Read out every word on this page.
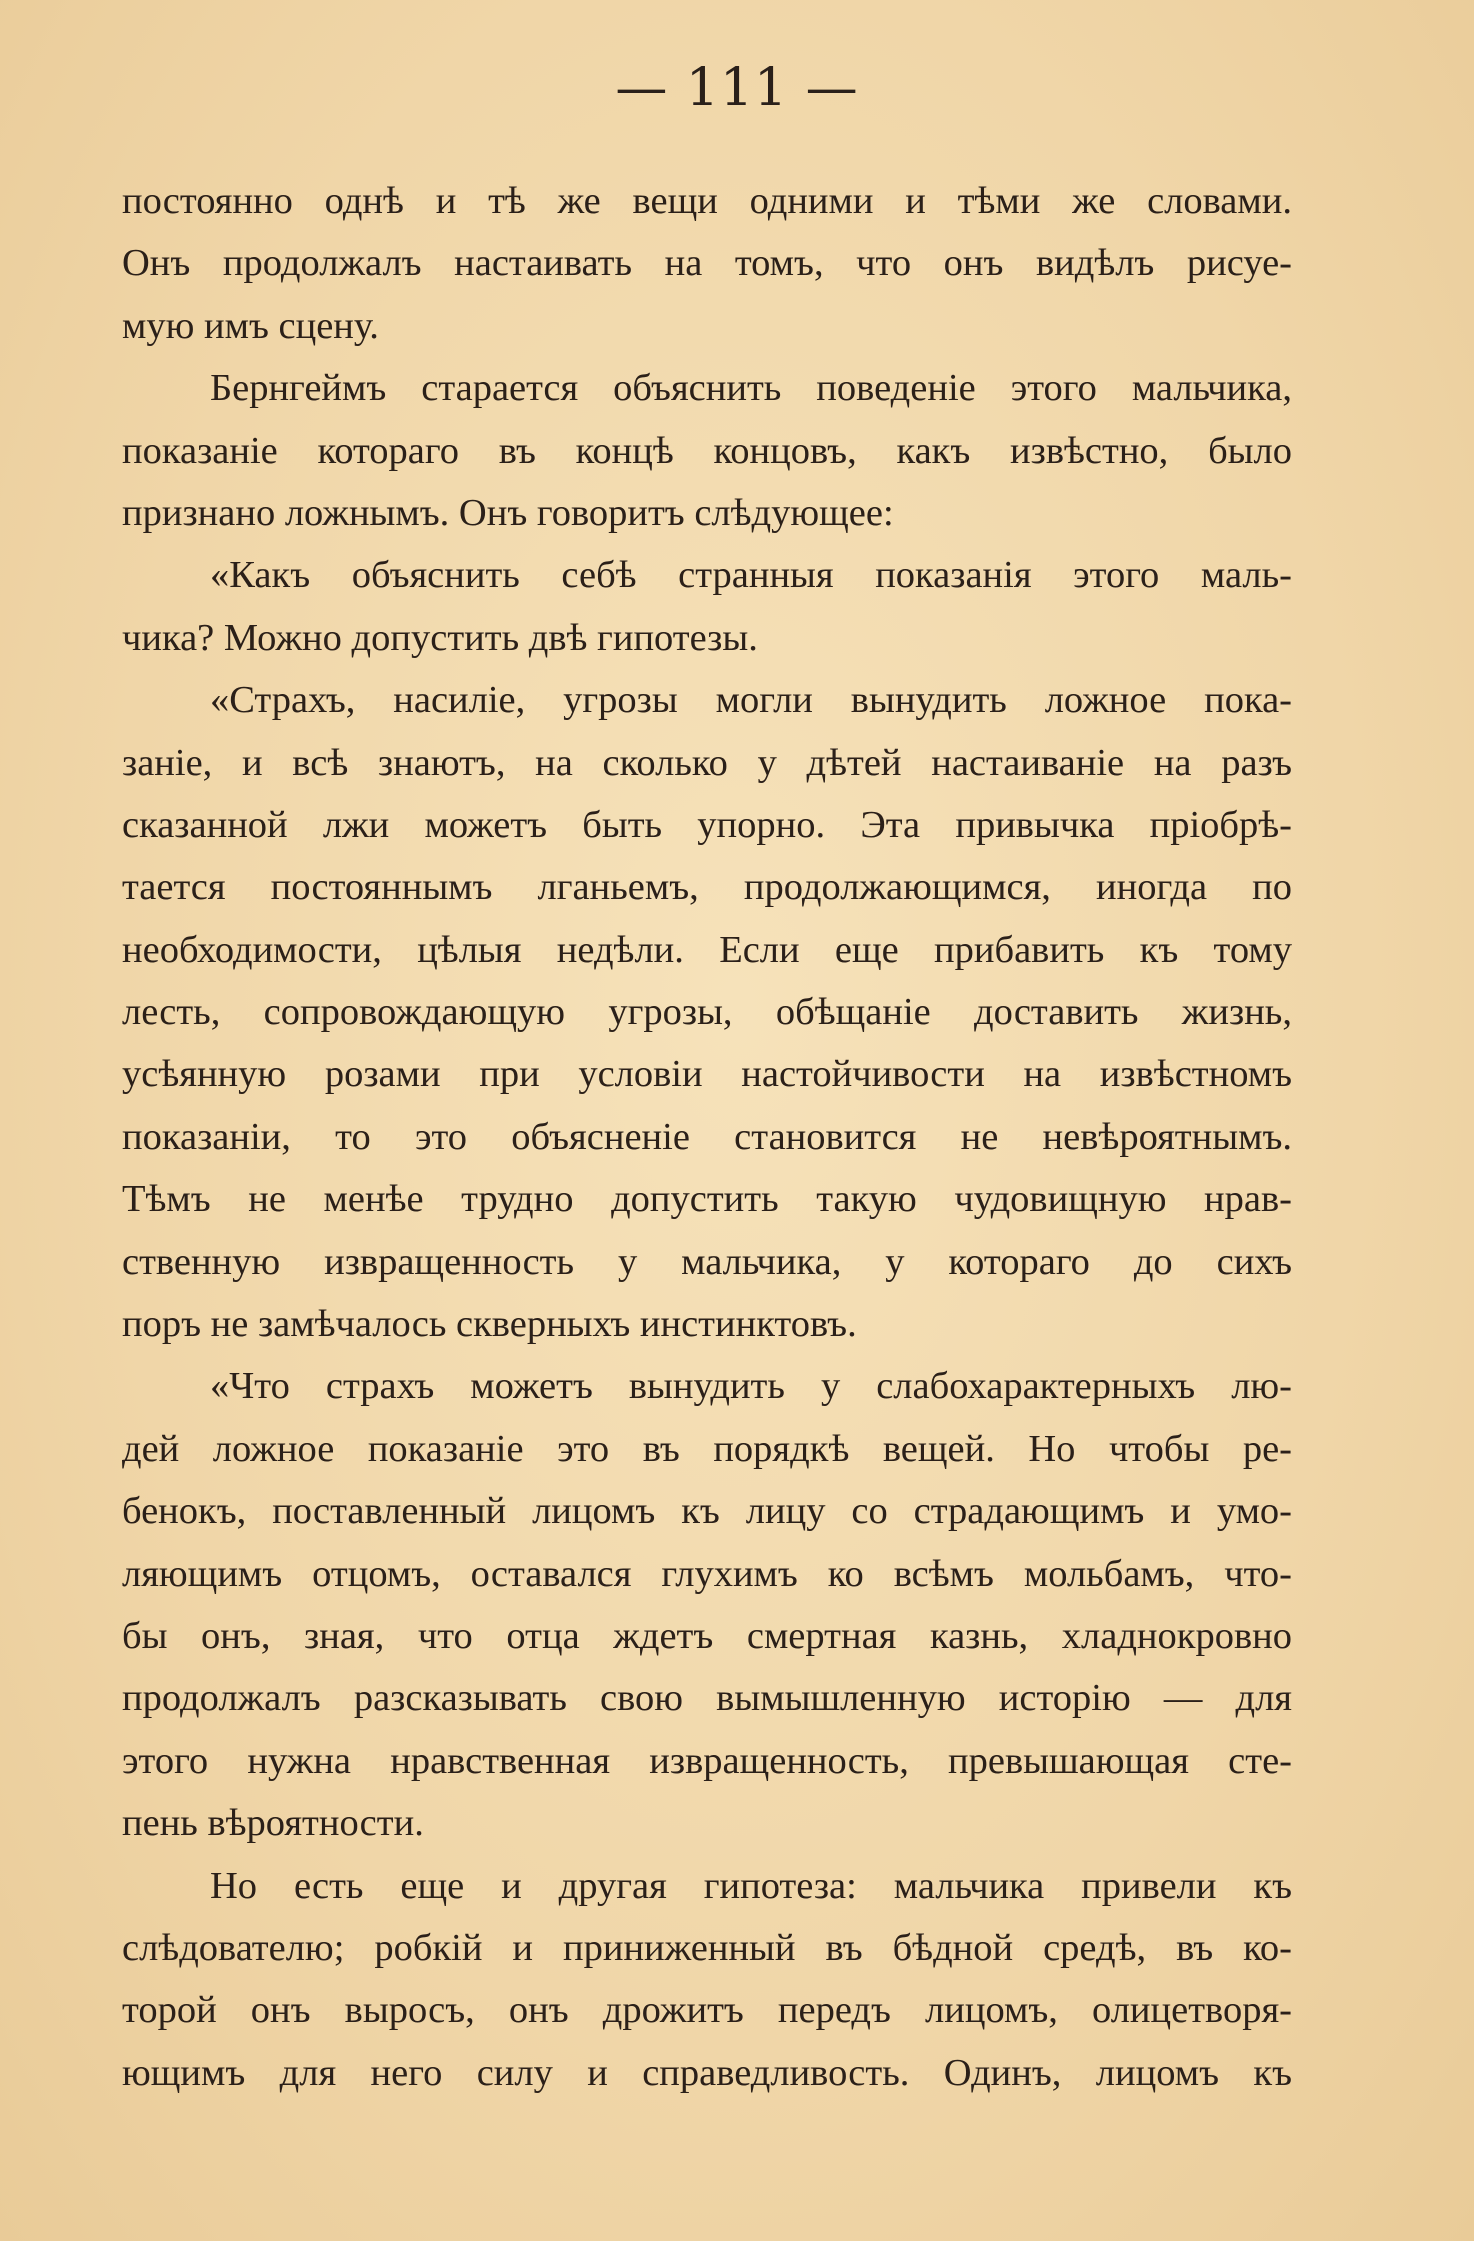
— 111 —
постоянно однѣ и тѣ же вещи одними и тѣми же словами.
Онъ продолжалъ настаивать на томъ, что онъ видѣлъ рисуе-
мую имъ сцену.
Бернгеймъ старается объяснить поведенiе этого мальчика,
показанiе котораго въ концѣ концовъ, какъ извѣстно, было
признано ложнымъ. Онъ говоритъ слѣдующее:
«Какъ объяснить себѣ странныя показанiя этого маль-
чика? Можно допустить двѣ гипотезы.
«Страхъ, насилiе, угрозы могли вынудить ложное пока-
занiе, и всѣ знаютъ, на сколько у дѣтей настаиванiе на разъ
сказанной лжи можетъ быть упорно. Эта привычка прiобрѣ-
тается постояннымъ лганьемъ, продолжающимся, иногда по
необходимости, цѣлыя недѣли. Если еще прибавить къ тому
лесть, сопровождающую угрозы, обѣщанiе доставить жизнь,
усѣянную розами при условiи настойчивости на извѣстномъ
показанiи, то это объясненiе становится не невѣроятнымъ.
Тѣмъ не менѣе трудно допустить такую чудовищную нрав-
ственную извращенность у мальчика, у котораго до сихъ
поръ не замѣчалось скверныхъ инстинктовъ.
«Что страхъ можетъ вынудить у слабохарактерныхъ лю-
дей ложное показанiе это въ порядкѣ вещей. Но чтобы ре-
бенокъ, поставленный лицомъ къ лицу со страдающимъ и умо-
ляющимъ отцомъ, оставался глухимъ ко всѣмъ мольбамъ, что-
бы онъ, зная, что отца ждетъ смертная казнь, хладнокровно
продолжалъ разсказывать свою вымышленную исторiю — для
этого нужна нравственная извращенность, превышающая сте-
пень вѣроятности.
Но есть еще и другая гипотеза: мальчика привели къ
слѣдователю; робкiй и приниженный въ бѣдной средѣ, въ ко-
торой онъ выросъ, онъ дрожитъ передъ лицомъ, олицетворя-
ющимъ для него силу и справедливость. Одинъ, лицомъ къ
